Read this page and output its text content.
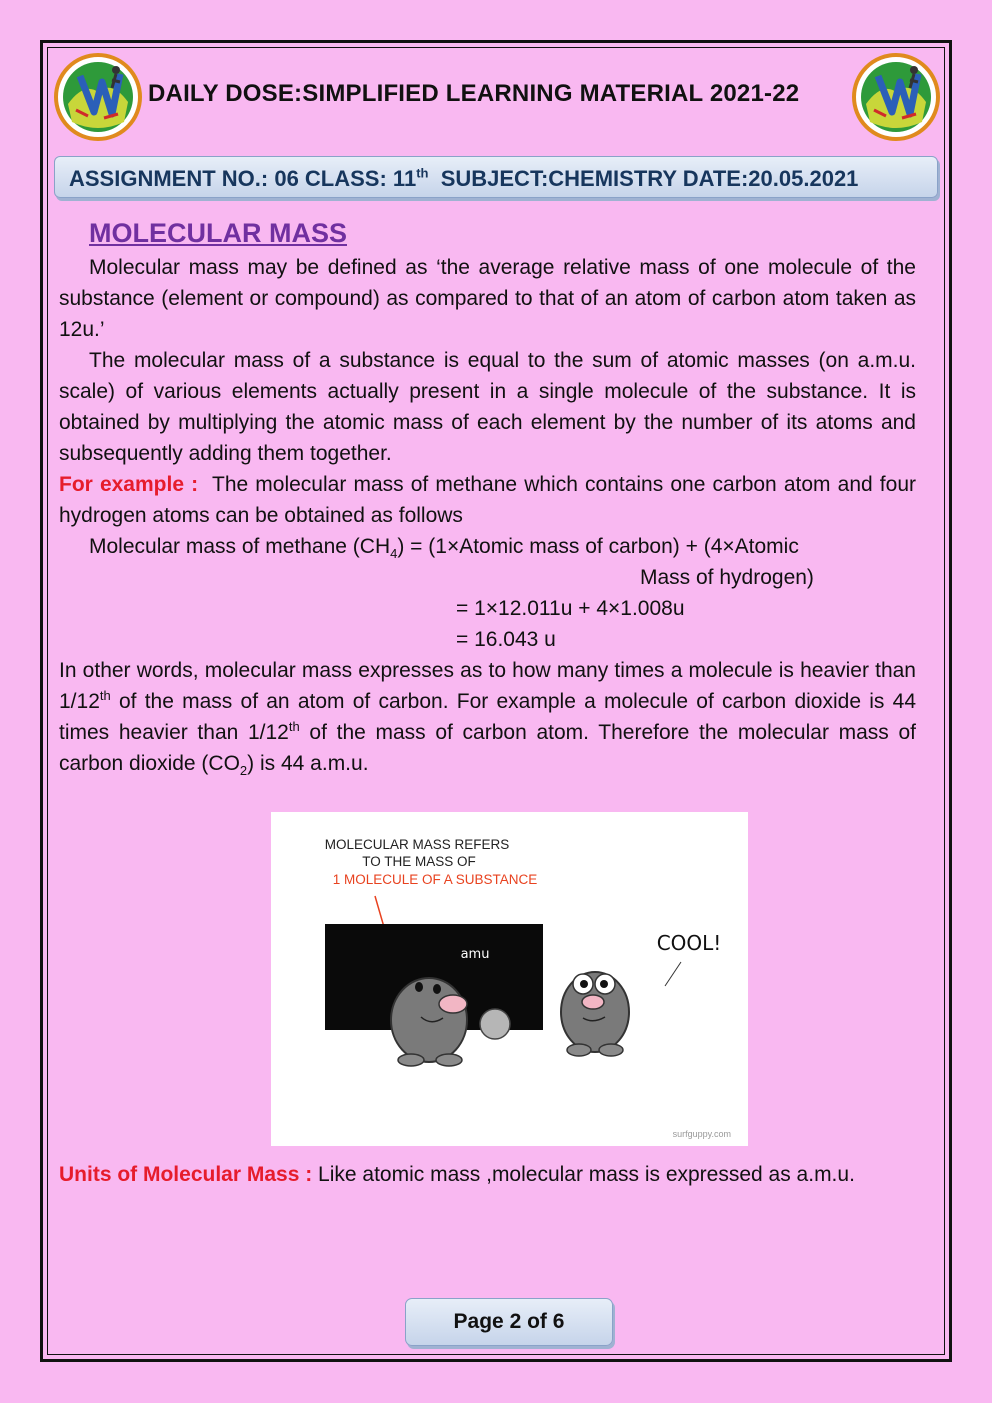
DAILY DOSE:SIMPLIFIED LEARNING MATERIAL 2021-22
ASSIGNMENT NO.: 06 CLASS: 11th  SUBJECT:CHEMISTRY DATE:20.05.2021
MOLECULAR MASS

Molecular mass may be defined as ‘the average relative mass of one molecule of the substance (element or compound) as compared to that of an atom of carbon atom taken as 12u.’

The molecular mass of a substance is equal to the sum of atomic masses (on a.m.u. scale) of various elements actually present in a single molecule of the substance. It is obtained by multiplying the atomic mass of each element by the number of its atoms and subsequently adding them together.

For example :  The molecular mass of methane which contains one carbon atom and four hydrogen atoms can be obtained as follows

Molecular mass of methane $(CH_4)$ = (1×Atomic mass of carbon) + (4×Atomic
Mass of hydrogen)
= 1×12.011u + 4×1.008u
= 16.043 u

In other words, molecular mass expresses as to how many times a molecule is heavier than 1/12th of the mass of an atom of carbon. For example a molecule of carbon dioxide is 44 times heavier than 1/12th of the mass of carbon atom. Therefore the molecular mass of carbon dioxide $(CO_2)$ is 44 a.m.u.

MOLECULAR MASS REFERS
TO THE MASS OF
1 MOLECULE OF A SUBSTANCE
amu	COOL!
surfguppy.com
Units of Molecular Mass : Like atomic mass ,molecular mass is expressed as a.m.u.
Page 2 of 6
